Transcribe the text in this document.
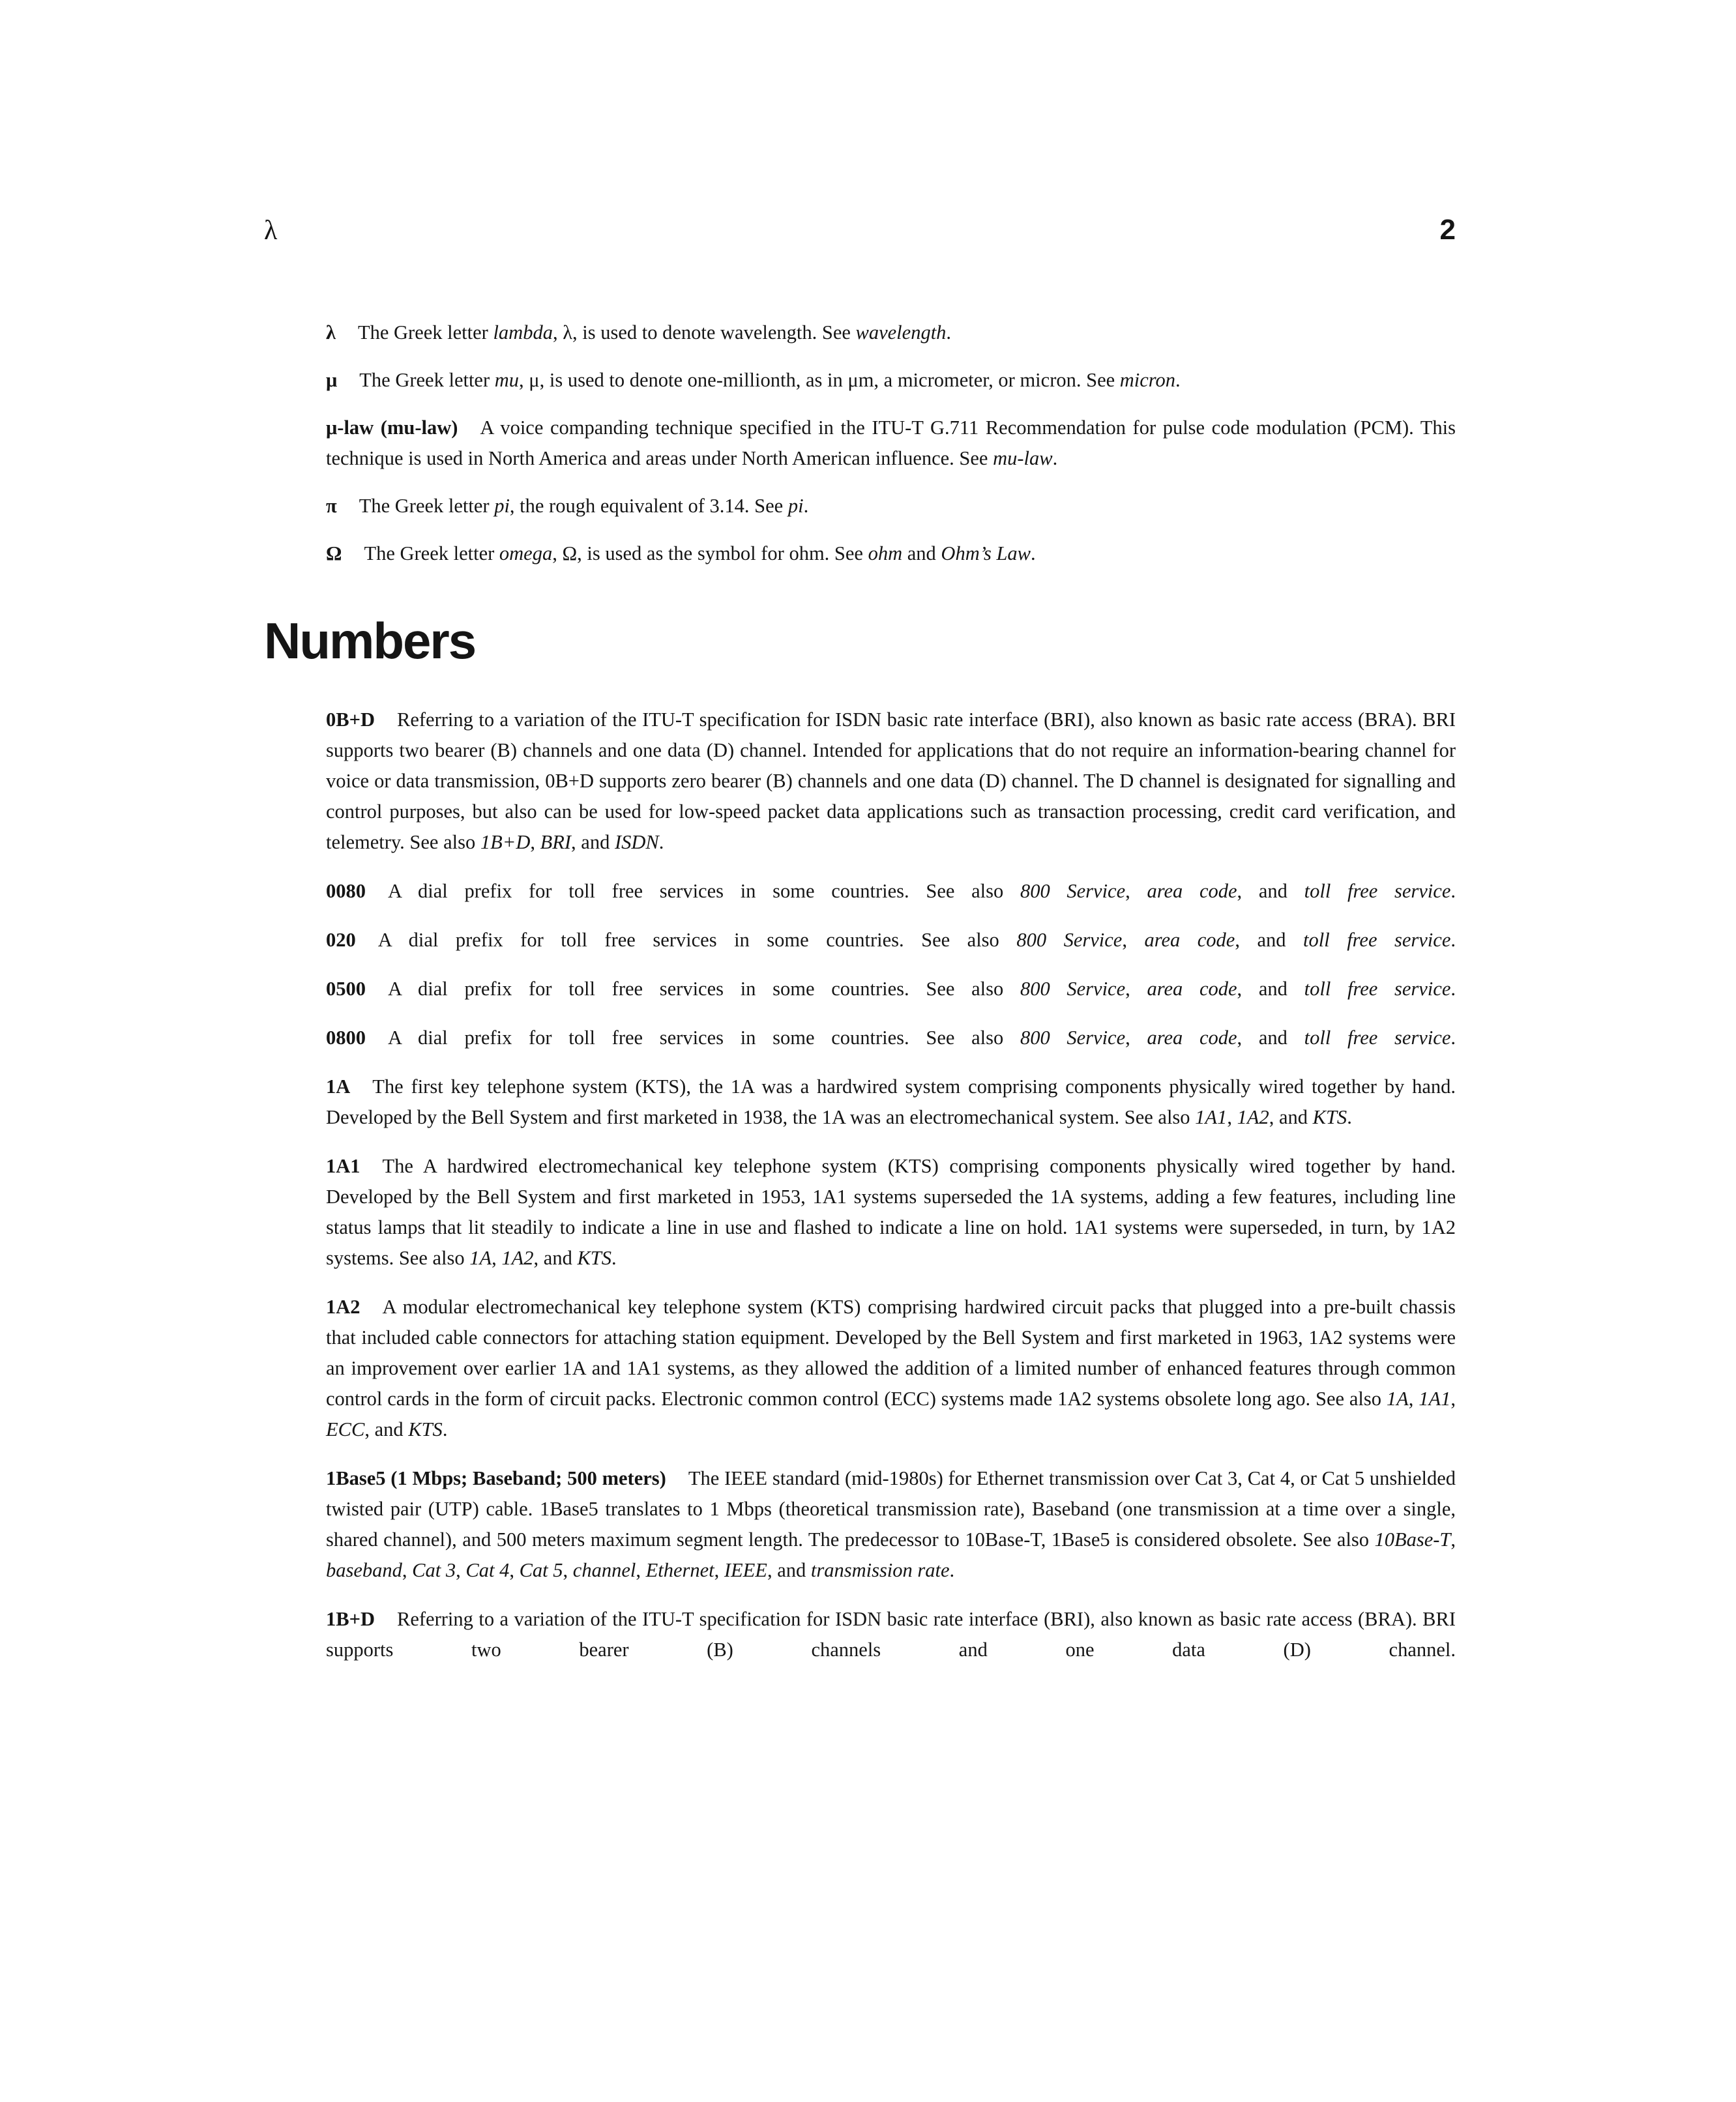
λ	2

λ The Greek letter lambda, λ, is used to denote wavelength. See wavelength.

μ The Greek letter mu, μ, is used to denote one-millionth, as in μm, a micrometer, or micron. See micron.

μ-law (mu-law) A voice companding technique specified in the ITU-T G.711 Recommendation for pulse code modulation (PCM). This technique is used in North America and areas under North American influence. See mu-law.

π The Greek letter pi, the rough equivalent of 3.14. See pi.

Ω The Greek letter omega, Ω, is used as the symbol for ohm. See ohm and Ohm’s Law.

Numbers

0B+D Referring to a variation of the ITU-T specification for ISDN basic rate interface (BRI), also known as basic rate access (BRA). BRI supports two bearer (B) channels and one data (D) channel. Intended for applications that do not require an information-bearing channel for voice or data transmission, 0B+D supports zero bearer (B) channels and one data (D) channel. The D channel is designated for signalling and control purposes, but also can be used for low-speed packet data applications such as transaction processing, credit card verification, and telemetry. See also 1B+D, BRI, and ISDN.

0080 A dial prefix for toll free services in some countries. See also 800 Service, area code, and toll free service.

020 A dial prefix for toll free services in some countries. See also 800 Service, area code, and toll free service.

0500 A dial prefix for toll free services in some countries. See also 800 Service, area code, and toll free service.

0800 A dial prefix for toll free services in some countries. See also 800 Service, area code, and toll free service.

1A The first key telephone system (KTS), the 1A was a hardwired system comprising components physically wired together by hand. Developed by the Bell System and first marketed in 1938, the 1A was an electromechanical system. See also 1A1, 1A2, and KTS.

1A1 The A hardwired electromechanical key telephone system (KTS) comprising components physically wired together by hand. Developed by the Bell System and first marketed in 1953, 1A1 systems superseded the 1A systems, adding a few features, including line status lamps that lit steadily to indicate a line in use and flashed to indicate a line on hold. 1A1 systems were superseded, in turn, by 1A2 systems. See also 1A, 1A2, and KTS.

1A2 A modular electromechanical key telephone system (KTS) comprising hardwired circuit packs that plugged into a pre-built chassis that included cable connectors for attaching station equipment. Developed by the Bell System and first marketed in 1963, 1A2 systems were an improvement over earlier 1A and 1A1 systems, as they allowed the addition of a limited number of enhanced features through common control cards in the form of circuit packs. Electronic common control (ECC) systems made 1A2 systems obsolete long ago. See also 1A, 1A1, ECC, and KTS.

1Base5 (1 Mbps; Baseband; 500 meters) The IEEE standard (mid-1980s) for Ethernet transmission over Cat 3, Cat 4, or Cat 5 unshielded twisted pair (UTP) cable. 1Base5 translates to 1 Mbps (theoretical transmission rate), Baseband (one transmission at a time over a single, shared channel), and 500 meters maximum segment length. The predecessor to 10Base-T, 1Base5 is considered obsolete. See also 10Base-T, baseband, Cat 3, Cat 4, Cat 5, channel, Ethernet, IEEE, and transmission rate.

1B+D Referring to a variation of the ITU-T specification for ISDN basic rate interface (BRI), also known as basic rate access (BRA). BRI supports two bearer (B) channels and one data (D) channel.
